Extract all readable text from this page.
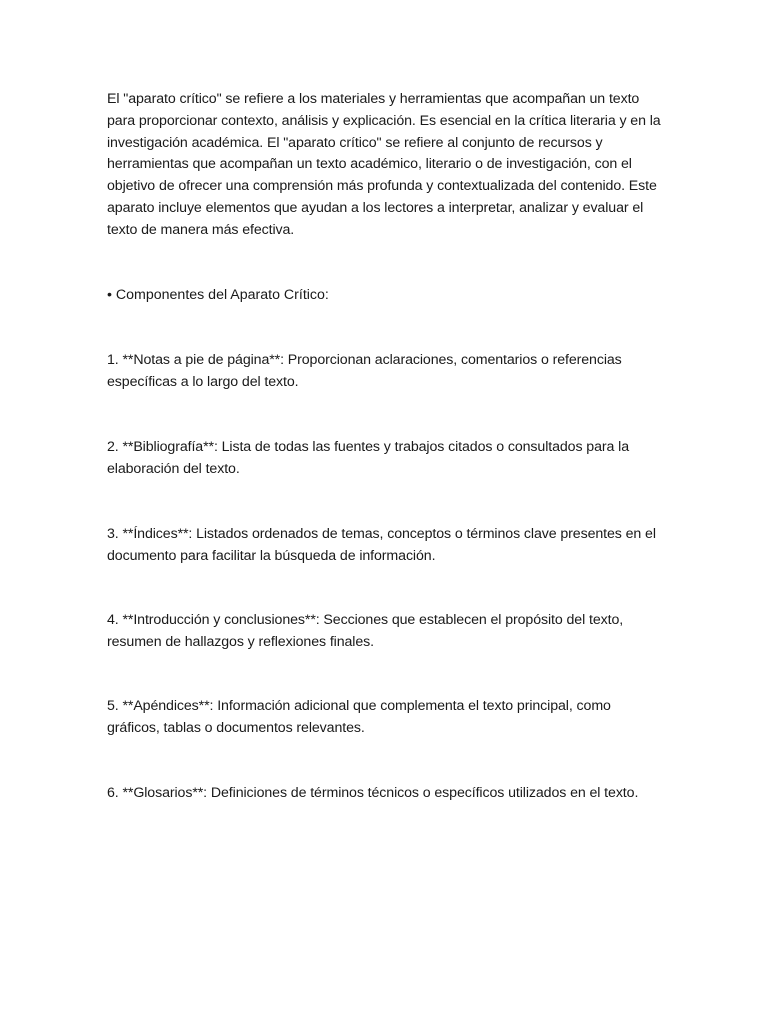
El "aparato crítico" se refiere a los materiales y herramientas que acompañan un texto para proporcionar contexto, análisis y explicación. Es esencial en la crítica literaria y en la investigación académica. El "aparato crítico" se refiere al conjunto de recursos y herramientas que acompañan un texto académico, literario o de investigación, con el objetivo de ofrecer una comprensión más profunda y contextualizada del contenido. Este aparato incluye elementos que ayudan a los lectores a interpretar, analizar y evaluar el texto de manera más efectiva.

• Componentes del Aparato Crítico:

1. **Notas a pie de página**: Proporcionan aclaraciones, comentarios o referencias específicas a lo largo del texto.

2. **Bibliografía**: Lista de todas las fuentes y trabajos citados o consultados para la elaboración del texto.

3. **Índices**: Listados ordenados de temas, conceptos o términos clave presentes en el documento para facilitar la búsqueda de información.

4. **Introducción y conclusiones**: Secciones que establecen el propósito del texto, resumen de hallazgos y reflexiones finales.

5. **Apéndices**: Información adicional que complementa el texto principal, como gráficos, tablas o documentos relevantes.

6. **Glosarios**: Definiciones de términos técnicos o específicos utilizados en el texto.
